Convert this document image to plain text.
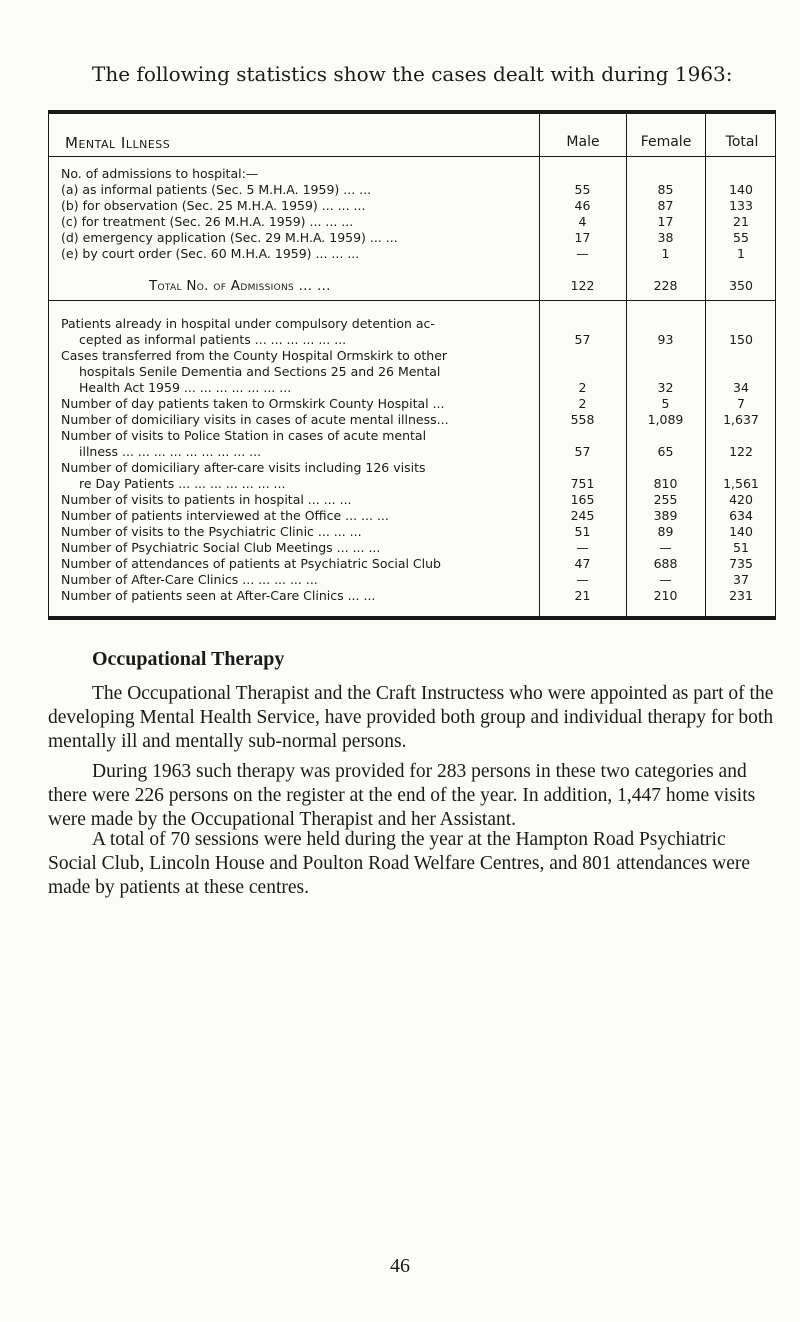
The following statistics show the cases dealt with during 1963:

Mental Illness	Male	Female	Total
No. of admissions to hospital:—
(a) as informal patients (Sec. 5 M.H.A. 1959) ... ...	55	85	140
(b) for observation (Sec. 25 M.H.A. 1959) ... ... ...	46	87	133
(c) for treatment (Sec. 26 M.H.A. 1959) ... ... ...	4	17	21
(d) emergency application (Sec. 29 M.H.A. 1959) ... ...	17	38	55
(e) by court order (Sec. 60 M.H.A. 1959) ... ... ...	—	1	1
Total No. of Admissions ... ...	122	228	350
Patients already in hospital under compulsory detention ac-
cepted as informal patients ... ... ... ... ... ...	57	93	150
Cases transferred from the County Hospital Ormskirk to other
hospitals Senile Dementia and Sections 25 and 26 Mental
Health Act 1959 ... ... ... ... ... ... ...	2	32	34
Number of day patients taken to Ormskirk County Hospital ...	2	5	7
Number of domiciliary visits in cases of acute mental illness...	558	1,089	1,637
Number of visits to Police Station in cases of acute mental
illness ... ... ... ... ... ... ... ... ...	57	65	122
Number of domiciliary after-care visits including 126 visits
re Day Patients ... ... ... ... ... ... ...	751	810	1,561
Number of visits to patients in hospital ... ... ...	165	255	420
Number of patients interviewed at the Office ... ... ...	245	389	634
Number of visits to the Psychiatric Clinic ... ... ...	51	89	140
Number of Psychiatric Social Club Meetings ... ... ...	—	—	51
Number of attendances of patients at Psychiatric Social Club	47	688	735
Number of After-Care Clinics ... ... ... ... ...	—	—	37
Number of patients seen at After-Care Clinics ... ...	21	210	231
Occupational Therapy

The Occupational Therapist and the Craft Instructess who were appointed as part of the developing Mental Health Service, have provided both group and individual therapy for both mentally ill and mentally sub-normal persons.

During 1963 such therapy was provided for 283 persons in these two categories and there were 226 persons on the register at the end of the year. In addition, 1,447 home visits were made by the Occupational Therapist and her Assistant.

A total of 70 sessions were held during the year at the Hampton Road Psychiatric Social Club, Lincoln House and Poulton Road Welfare Centres, and 801 attendances were made by patients at these centres.

46
